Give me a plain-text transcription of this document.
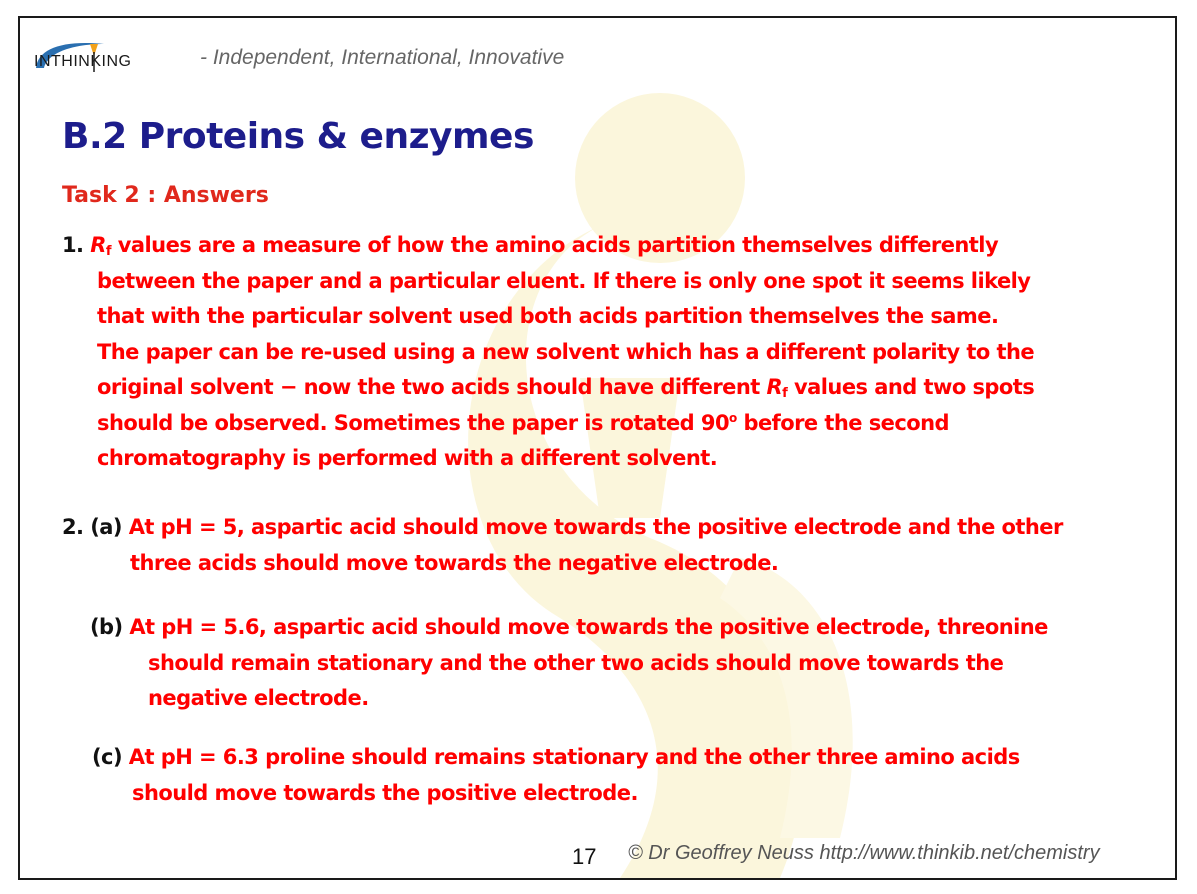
INTHINKING	- Independent, International, Innovative
B.2 Proteins & enzymes
Task 2 : Answers
1. $R_f$ values are a measure of how the amino acids partition themselves differently
between the paper and a particular eluent. If there is only one spot it seems likely
that with the particular solvent used both acids partition themselves the same.
The paper can be re-used using a new solvent which has a different polarity to the
original solvent − now the two acids should have different $R_f$ values and two spots
should be observed. Sometimes the paper is rotated 90$^o$ before the second
chromatography is performed with a different solvent.
2. (a) At pH = 5, aspartic acid should move towards the positive electrode and the other
three acids should move towards the negative electrode.
(b) At pH = 5.6, aspartic acid should move towards the positive electrode, threonine
should remain stationary and the other two acids should move towards the
negative electrode.
(c) At pH = 6.3 proline should remains stationary and the other three amino acids
should move towards the positive electrode.
17 © Dr Geoffrey Neuss http://www.thinkib.net/chemistry
